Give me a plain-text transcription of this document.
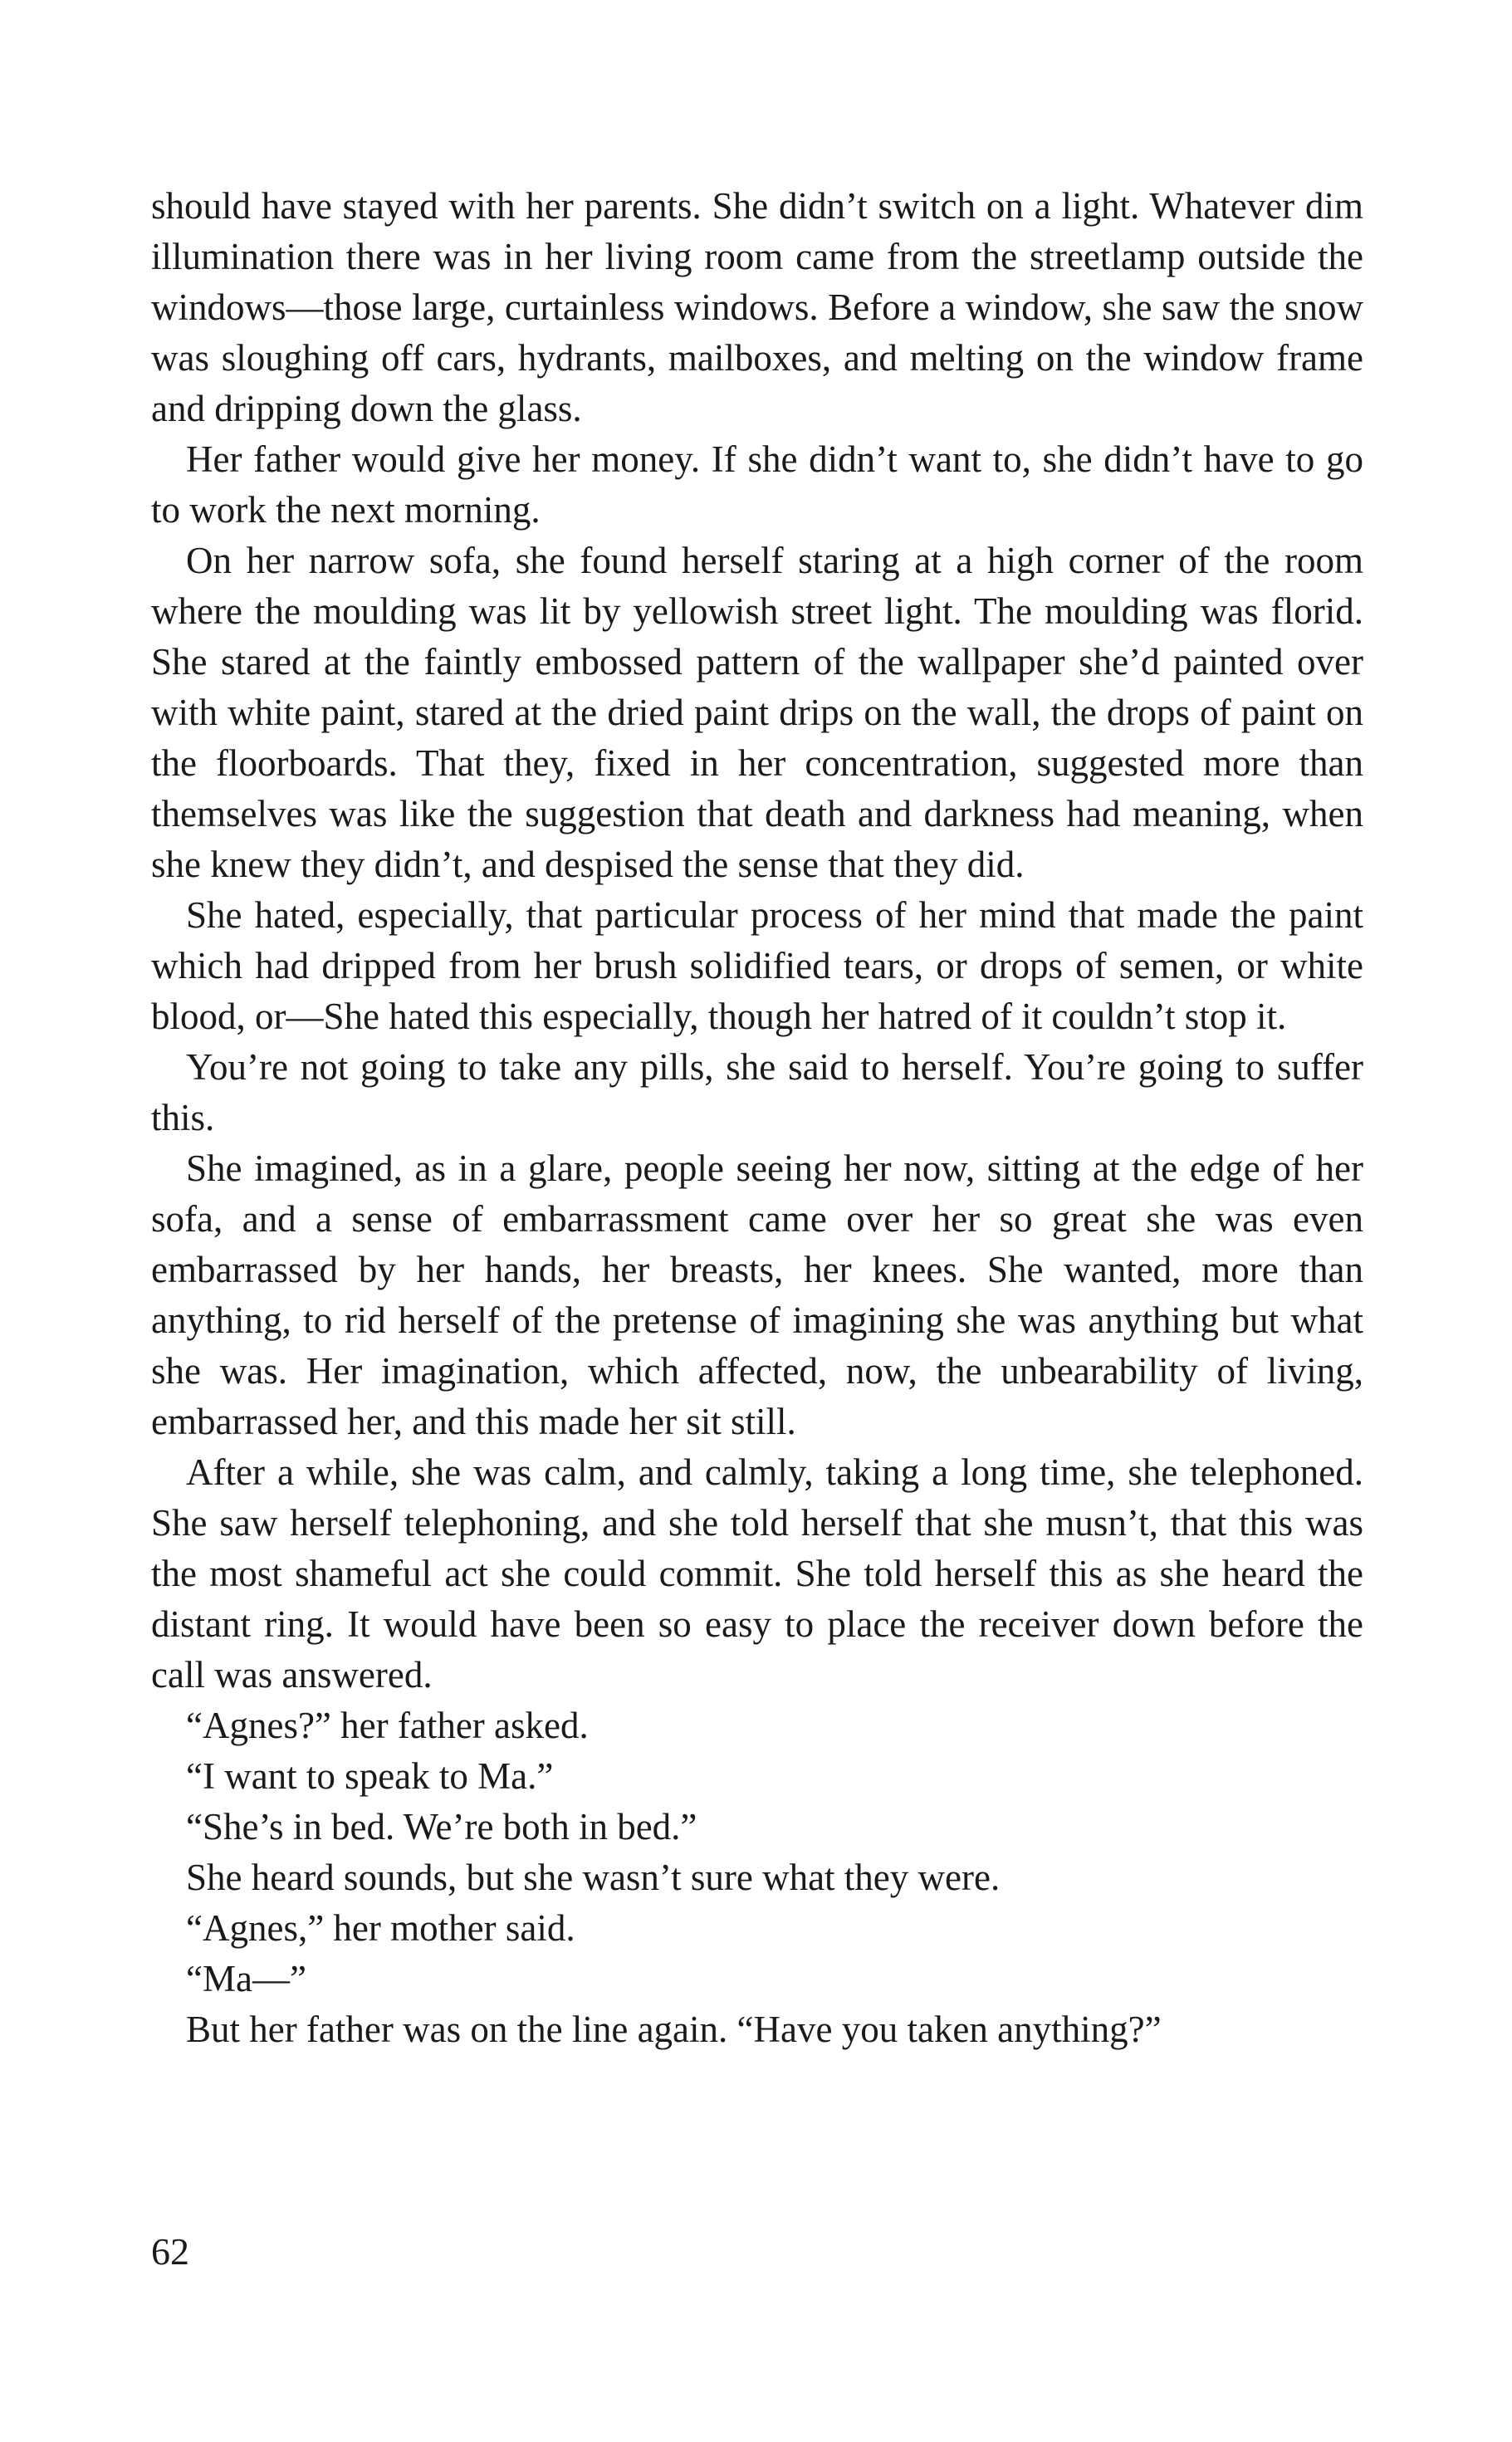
should have stayed with her parents. She didn’t switch on a light. Whatever dim illumination there was in her living room came from the streetlamp outside the windows—those large, curtainless windows. Before a window, she saw the snow was sloughing off cars, hydrants, mailboxes, and melting on the window frame and dripping down the glass.

Her father would give her money. If she didn’t want to, she didn’t have to go to work the next morning.

On her narrow sofa, she found herself staring at a high corner of the room where the moulding was lit by yellowish street light. The moulding was florid. She stared at the faintly embossed pattern of the wallpaper she’d painted over with white paint, stared at the dried paint drips on the wall, the drops of paint on the floorboards. That they, fixed in her concentration, suggested more than themselves was like the suggestion that death and darkness had meaning, when she knew they didn’t, and despised the sense that they did.

She hated, especially, that particular process of her mind that made the paint which had dripped from her brush solidified tears, or drops of semen, or white blood, or—She hated this especially, though her hatred of it couldn’t stop it.

You’re not going to take any pills, she said to herself. You’re going to suffer this.

She imagined, as in a glare, people seeing her now, sitting at the edge of her sofa, and a sense of embarrassment came over her so great she was even embarrassed by her hands, her breasts, her knees. She wanted, more than anything, to rid herself of the pretense of imagining she was anything but what she was. Her imagination, which affected, now, the unbearability of living, embarrassed her, and this made her sit still.

After a while, she was calm, and calmly, taking a long time, she telephoned. She saw herself telephoning, and she told herself that she musn’t, that this was the most shameful act she could commit. She told herself this as she heard the distant ring. It would have been so easy to place the receiver down before the call was answered.

“Agnes?” her father asked.

“I want to speak to Ma.”

“She’s in bed. We’re both in bed.”

She heard sounds, but she wasn’t sure what they were.

“Agnes,” her mother said.

“Ma—”

But her father was on the line again. “Have you taken anything?”

62
